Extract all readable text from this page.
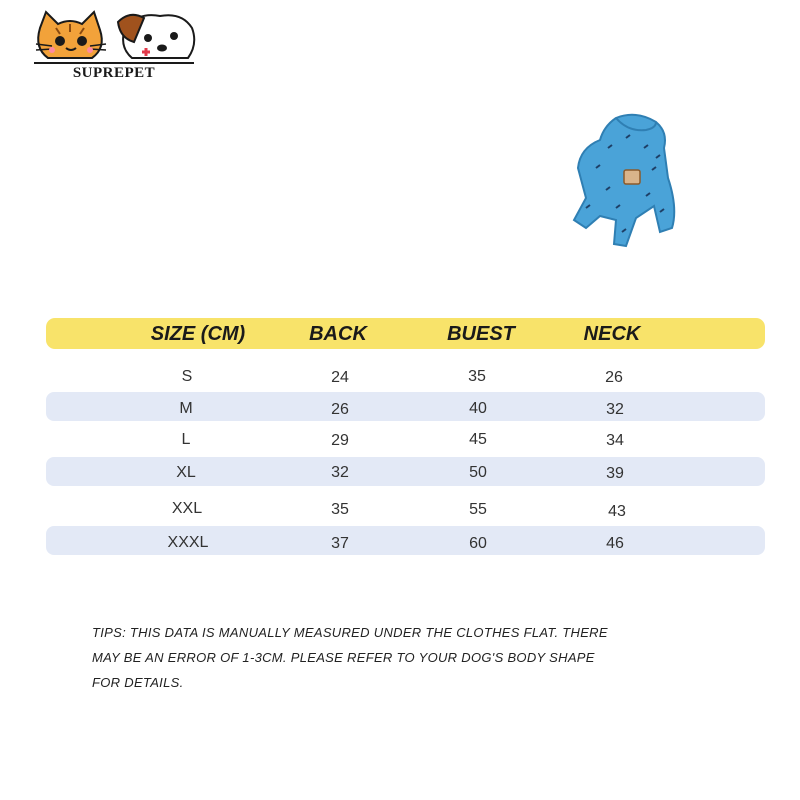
SUPREPET
SIZE (CM)	BACK	BUEST	NECK
S	24	35	26
M	26	40	32
L	29	45	34
XL	32	50	39
XXL	35	55	43
XXXL	37	60	46
TIPS: THIS DATA IS MANUALLY MEASURED UNDER THE CLOTHES FLAT. THERE
MAY BE AN ERROR OF 1-3CM. PLEASE REFER TO YOUR DOG'S BODY SHAPE
FOR DETAILS.
